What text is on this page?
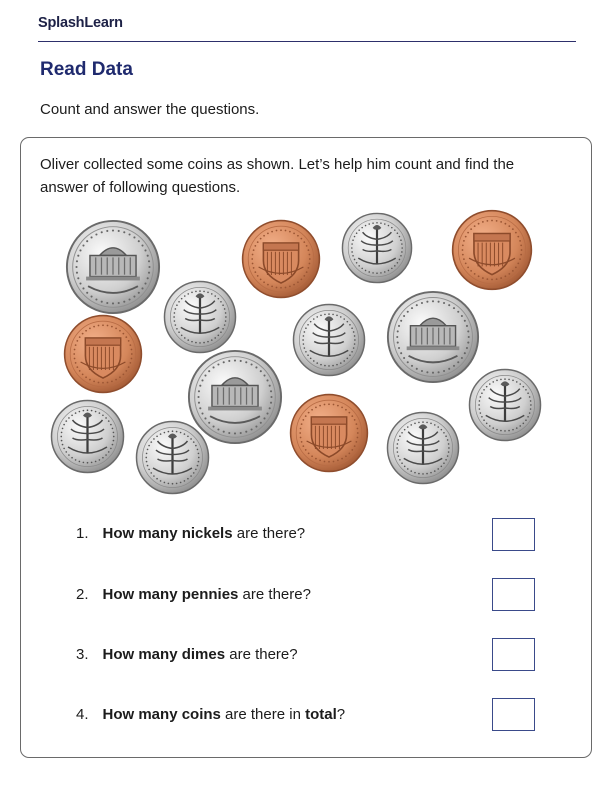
SplashLearn
Read Data
Count and answer the questions.
Oliver collected some coins as shown. Let’s help him count and find the answer of following questions.
1. How many nickels are there?
2. How many pennies are there?
3. How many dimes are there?
4. How many coins are there in total?
